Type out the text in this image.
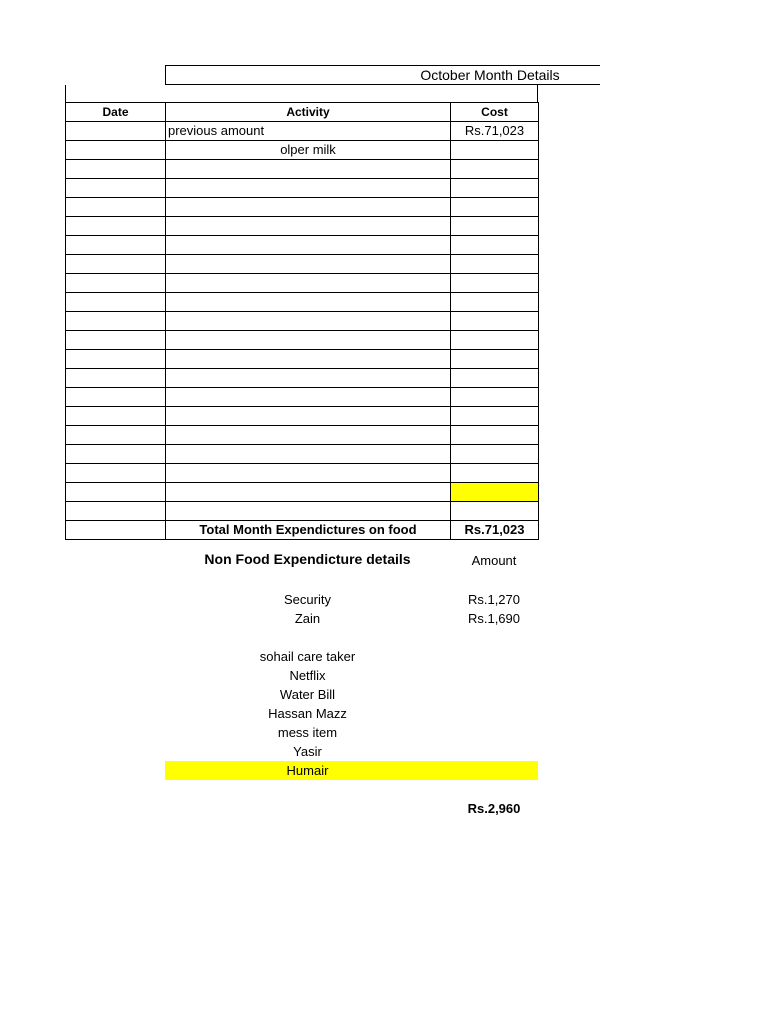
October Month Details
Date	Activity	Cost
	previous amount	Rs.71,023
	olper milk	

	Total Month Expendictures on food	Rs.71,023
Non Food Expendicture details	Amount
Security	Rs.1,270
Zain	Rs.1,690
sohail care taker
Netflix
Water Bill
Hassan Mazz
mess item
Yasir
Humair
Rs.2,960
